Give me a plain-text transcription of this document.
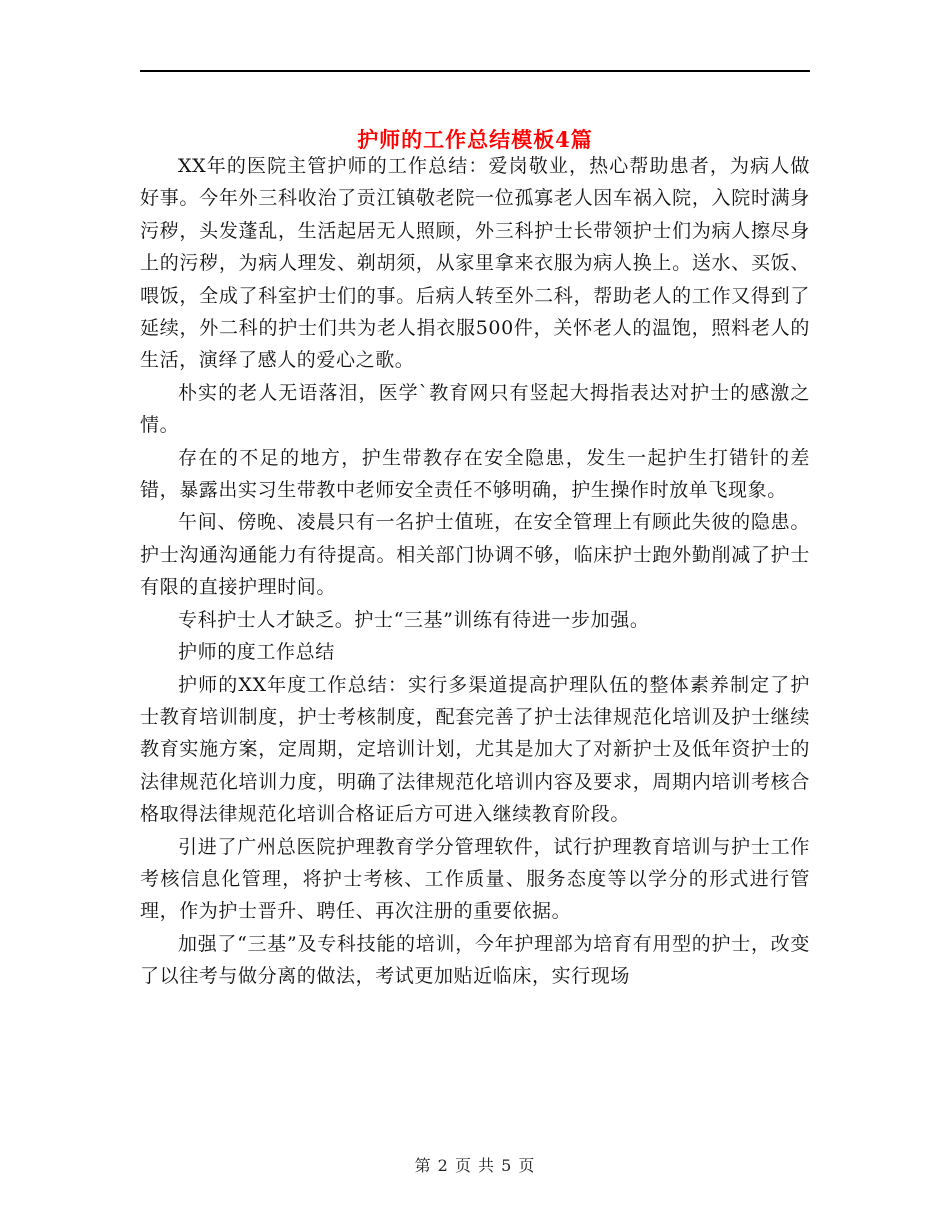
护师的工作总结模板4篇

XX年的医院主管护师的工作总结：爱岗敬业，热心帮助患者，为病人做好事。今年外三科收治了贡江镇敬老院一位孤寡老人因车祸入院，入院时满身污秽，头发蓬乱，生活起居无人照顾，外三科护士长带领护士们为病人擦尽身上的污秽，为病人理发、剃胡须，从家里拿来衣服为病人换上。送水、买饭、喂饭，全成了科室护士们的事。后病人转至外二科，帮助老人的工作又得到了延续，外二科的护士们共为老人捐衣服500件，关怀老人的温饱，照料老人的生活，演绎了感人的爱心之歌。

朴实的老人无语落泪，医学`教育网只有竖起大拇指表达对护士的感激之情。

存在的不足的地方，护生带教存在安全隐患，发生一起护生打错针的差错，暴露出实习生带教中老师安全责任不够明确，护生操作时放单飞现象。

午间、傍晚、凌晨只有一名护士值班，在安全管理上有顾此失彼的隐患。护士沟通沟通能力有待提高。相关部门协调不够，临床护士跑外勤削减了护士有限的直接护理时间。

专科护士人才缺乏。护士“三基”训练有待进一步加强。

护师的度工作总结

护师的XX年度工作总结：实行多渠道提高护理队伍的整体素养制定了护士教育培训制度，护士考核制度，配套完善了护士法律规范化培训及护士继续教育实施方案，定周期，定培训计划，尤其是加大了对新护士及低年资护士的法律规范化培训力度，明确了法律规范化培训内容及要求，周期内培训考核合格取得法律规范化培训合格证后方可进入继续教育阶段。

引进了广州总医院护理教育学分管理软件，试行护理教育培训与护士工作考核信息化管理，将护士考核、工作质量、服务态度等以学分的形式进行管理，作为护士晋升、聘任、再次注册的重要依据。

加强了“三基”及专科技能的培训，今年护理部为培育有用型的护士，改变了以往考与做分离的做法，考试更加贴近临床，实行现场

第 2 页 共 5 页
